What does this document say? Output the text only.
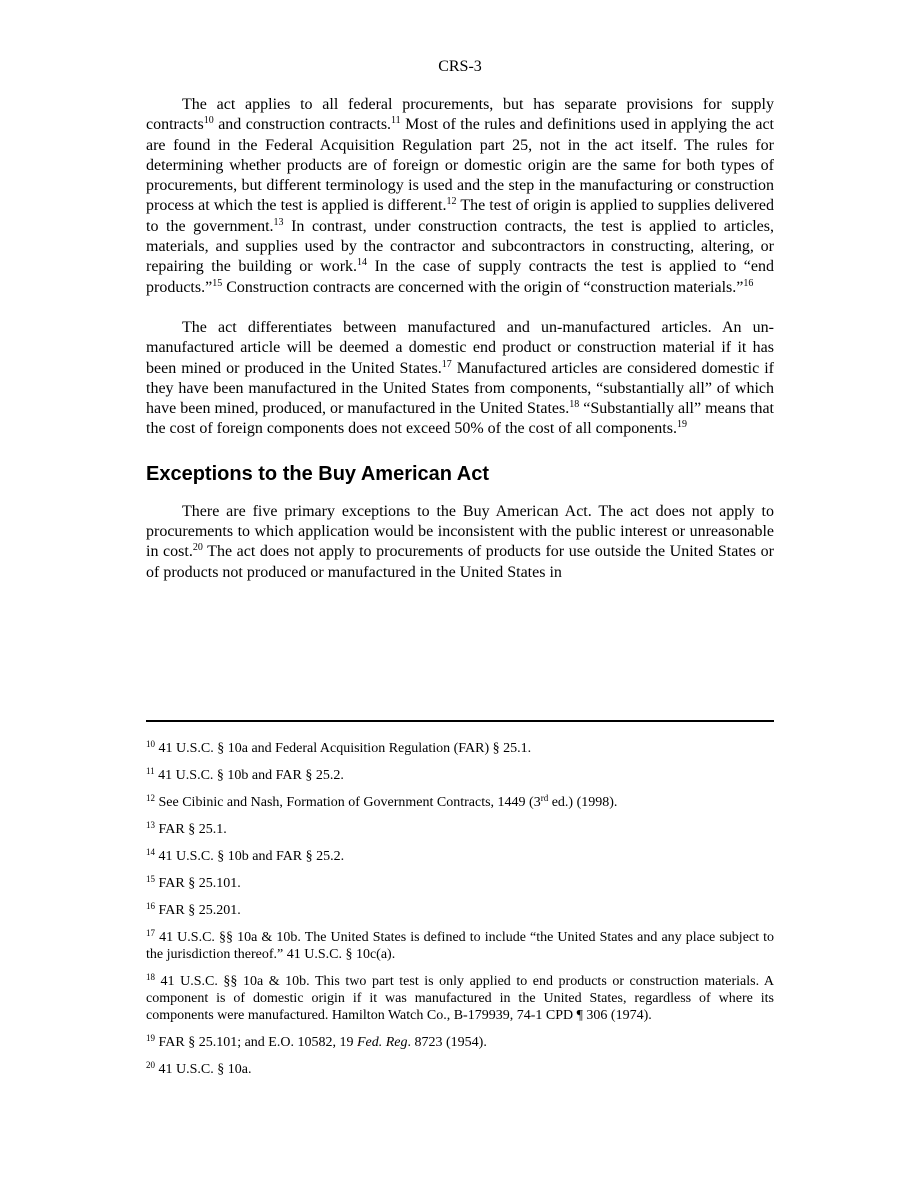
CRS-3

The act applies to all federal procurements, but has separate provisions for supply contracts$^{10}$ and construction contracts.$^{11}$ Most of the rules and definitions used in applying the act are found in the Federal Acquisition Regulation part 25, not in the act itself. The rules for determining whether products are of foreign or domestic origin are the same for both types of procurements, but different terminology is used and the step in the manufacturing or construction process at which the test is applied is different.$^{12}$ The test of origin is applied to supplies delivered to the government.$^{13}$ In contrast, under construction contracts, the test is applied to articles, materials, and supplies used by the contractor and subcontractors in constructing, altering, or repairing the building or work.$^{14}$ In the case of supply contracts the test is applied to “end products.”$^{15}$ Construction contracts are concerned with the origin of “construction materials.”$^{16}$

The act differentiates between manufactured and un-manufactured articles. An un-manufactured article will be deemed a domestic end product or construction material if it has been mined or produced in the United States.$^{17}$ Manufactured articles are considered domestic if they have been manufactured in the United States from components, “substantially all” of which have been mined, produced, or manufactured in the United States.$^{18}$ “Substantially all” means that the cost of foreign components does not exceed 50% of the cost of all components.$^{19}$

Exceptions to the Buy American Act

There are five primary exceptions to the Buy American Act. The act does not apply to procurements to which application would be inconsistent with the public interest or unreasonable in cost.$^{20}$ The act does not apply to procurements of products for use outside the United States or of products not produced or manufactured in the United States in

$^{10}$ 41 U.S.C. § 10a and Federal Acquisition Regulation (FAR) § 25.1.

$^{11}$ 41 U.S.C. § 10b and FAR § 25.2.

$^{12}$ See Cibinic and Nash, Formation of Government Contracts, 1449 (3rd ed.) (1998).

$^{13}$ FAR § 25.1.

$^{14}$ 41 U.S.C. § 10b and FAR § 25.2.

$^{15}$ FAR § 25.101.

$^{16}$ FAR § 25.201.

$^{17}$ 41 U.S.C. §§ 10a & 10b. The United States is defined to include “the United States and any place subject to the jurisdiction thereof.” 41 U.S.C. § 10c(a).

$^{18}$ 41 U.S.C. §§ 10a & 10b. This two part test is only applied to end products or construction materials. A component is of domestic origin if it was manufactured in the United States, regardless of where its components were manufactured. Hamilton Watch Co., B-179939, 74-1 CPD ¶ 306 (1974).

$^{19}$ FAR § 25.101; and E.O. 10582, 19 Fed. Reg. 8723 (1954).

$^{20}$ 41 U.S.C. § 10a.
